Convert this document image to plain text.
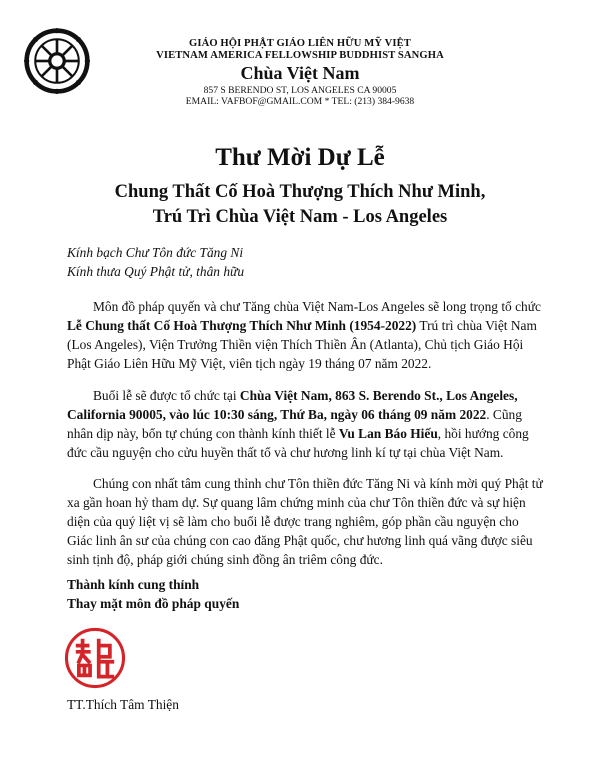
GIÁO HỘI PHẬT GIÁO LIÊN HỮU MỸ VIỆT
VIETNAM AMERICA FELLOWSHIP BUDDHIST SANGHA
Chùa Việt Nam
857 S BERENDO ST, LOS ANGELES CA 90005
EMAIL: VAFBOF@GMAIL.COM * TEL: (213) 384-9638
Thư Mời Dự Lễ
Chung Thất Cố Hoà Thượng Thích Như Minh,
Trú Trì Chùa Việt Nam - Los Angeles
Kính bạch Chư Tôn đức Tăng Ni
Kính thưa Quý Phật tử, thân hữu

Môn đồ pháp quyến và chư Tăng chùa Việt Nam-Los Angeles sẽ long trọng tổ chức Lễ Chung thất Cố Hoà Thượng Thích Như Minh (1954-2022) Trú trì chùa Việt Nam (Los Angeles), Viện Trưởng Thiền viện Thích Thiền Ân (Atlanta), Chủ tịch Giáo Hội Phật Giáo Liên Hữu Mỹ Việt, viên tịch ngày 19 tháng 07 năm 2022.

Buổi lễ sẽ được tổ chức tại Chùa Việt Nam, 863 S. Berendo St., Los Angeles, California 90005, vào lúc 10:30 sáng, Thứ Ba, ngày 06 tháng 09 năm 2022. Cũng nhân dịp này, bổn tự chúng con thành kính thiết lễ Vu Lan Báo Hiếu, hồi hướng công đức cầu nguyện cho cửu huyền thất tổ và chư hương linh kí tự tại chùa Việt Nam.

Chúng con nhất tâm cung thỉnh chư Tôn thiền đức Tăng Ni và kính mời quý Phật tử xa gần hoan hỷ tham dự. Sự quang lâm chứng minh của chư Tôn thiền đức và sự hiện diện của quý liệt vị sẽ làm cho buổi lễ được trang nghiêm, góp phần cầu nguyện cho Giác linh ân sư của chúng con cao đăng Phật quốc, chư hương linh quá vãng được siêu sinh tịnh độ, pháp giới chúng sinh đồng ân triêm công đức.

Thành kính cung thỉnh
Thay mặt môn đồ pháp quyến
TT.Thích Tâm Thiện
